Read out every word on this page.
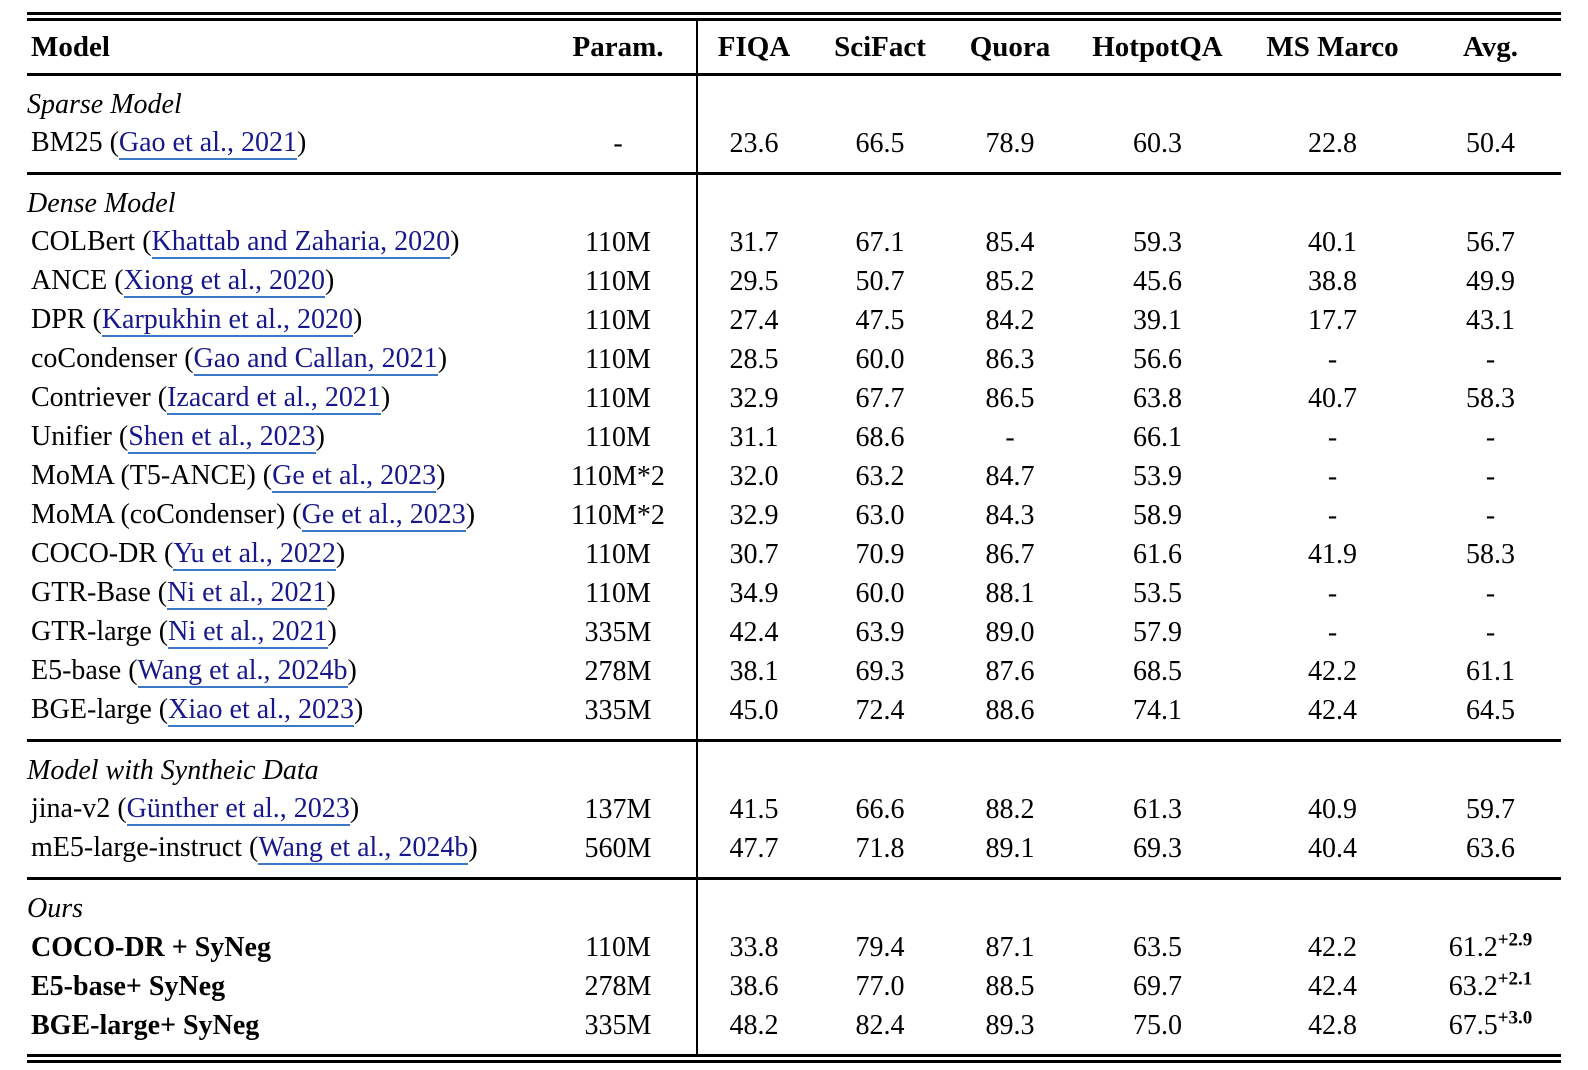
Model	Param.	FIQA	SciFact	Quora	HotpotQA	MS Marco	Avg.
Sparse Model							
BM25 (Gao et al., 2021)	-	23.6	66.5	78.9	60.3	22.8	50.4
Dense Model							
COLBert (Khattab and Zaharia, 2020)	110M	31.7	67.1	85.4	59.3	40.1	56.7
ANCE (Xiong et al., 2020)	110M	29.5	50.7	85.2	45.6	38.8	49.9
DPR (Karpukhin et al., 2020)	110M	27.4	47.5	84.2	39.1	17.7	43.1
coCondenser (Gao and Callan, 2021)	110M	28.5	60.0	86.3	56.6	-	-
Contriever (Izacard et al., 2021)	110M	32.9	67.7	86.5	63.8	40.7	58.3
Unifier (Shen et al., 2023)	110M	31.1	68.6	-	66.1	-	-
MoMA (T5-ANCE) (Ge et al., 2023)	110M*2	32.0	63.2	84.7	53.9	-	-
MoMA (coCondenser) (Ge et al., 2023)	110M*2	32.9	63.0	84.3	58.9	-	-
COCO-DR (Yu et al., 2022)	110M	30.7	70.9	86.7	61.6	41.9	58.3
GTR-Base (Ni et al., 2021)	110M	34.9	60.0	88.1	53.5	-	-
GTR-large (Ni et al., 2021)	335M	42.4	63.9	89.0	57.9	-	-
E5-base (Wang et al., 2024b)	278M	38.1	69.3	87.6	68.5	42.2	61.1
BGE-large (Xiao et al., 2023)	335M	45.0	72.4	88.6	74.1	42.4	64.5
Model with Syntheic Data							
jina-v2 (Günther et al., 2023)	137M	41.5	66.6	88.2	61.3	40.9	59.7
mE5-large-instruct (Wang et al., 2024b)	560M	47.7	71.8	89.1	69.3	40.4	63.6
Ours							
COCO-DR + SyNeg	110M	33.8	79.4	87.1	63.5	42.2	$61.2^{+2.9}$
E5-base+ SyNeg	278M	38.6	77.0	88.5	69.7	42.4	$63.2^{+2.1}$
BGE-large+ SyNeg	335M	48.2	82.4	89.3	75.0	42.8	$67.5^{+3.0}$
